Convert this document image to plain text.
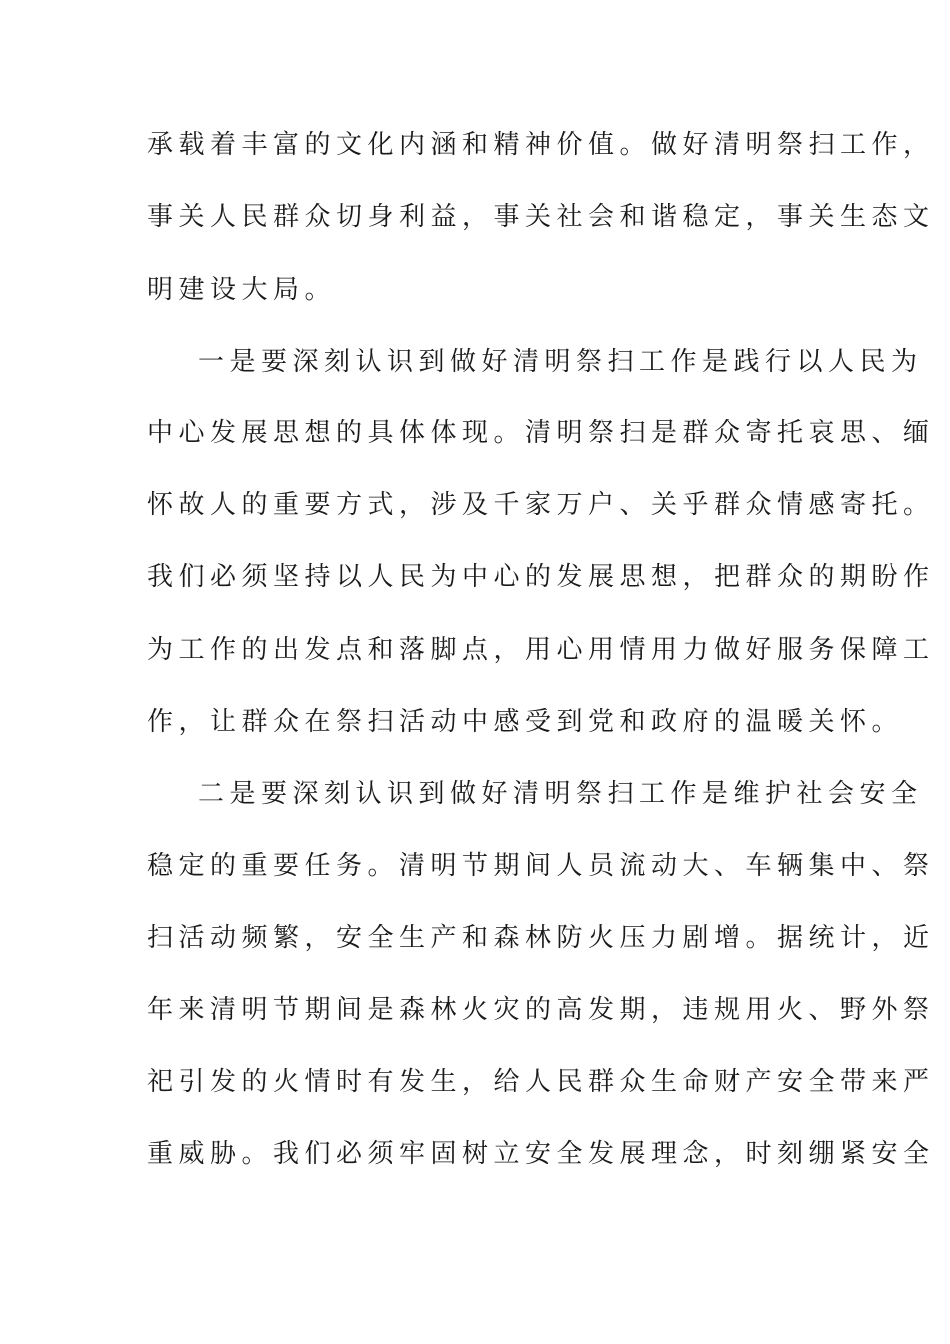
承载着丰富的文化内涵和精神价值。做好清明祭扫工作，
事关人民群众切身利益，事关社会和谐稳定，事关生态文
明建设大局。
一是要深刻认识到做好清明祭扫工作是践行以人民为
中心发展思想的具体体现。清明祭扫是群众寄托哀思、缅
怀故人的重要方式，涉及千家万户、关乎群众情感寄托。
我们必须坚持以人民为中心的发展思想，把群众的期盼作
为工作的出发点和落脚点，用心用情用力做好服务保障工
作，让群众在祭扫活动中感受到党和政府的温暖关怀。
二是要深刻认识到做好清明祭扫工作是维护社会安全
稳定的重要任务。清明节期间人员流动大、车辆集中、祭
扫活动频繁，安全生产和森林防火压力剧增。据统计，近
年来清明节期间是森林火灾的高发期，违规用火、野外祭
祀引发的火情时有发生，给人民群众生命财产安全带来严
重威胁。我们必须牢固树立安全发展理念，时刻绷紧安全
